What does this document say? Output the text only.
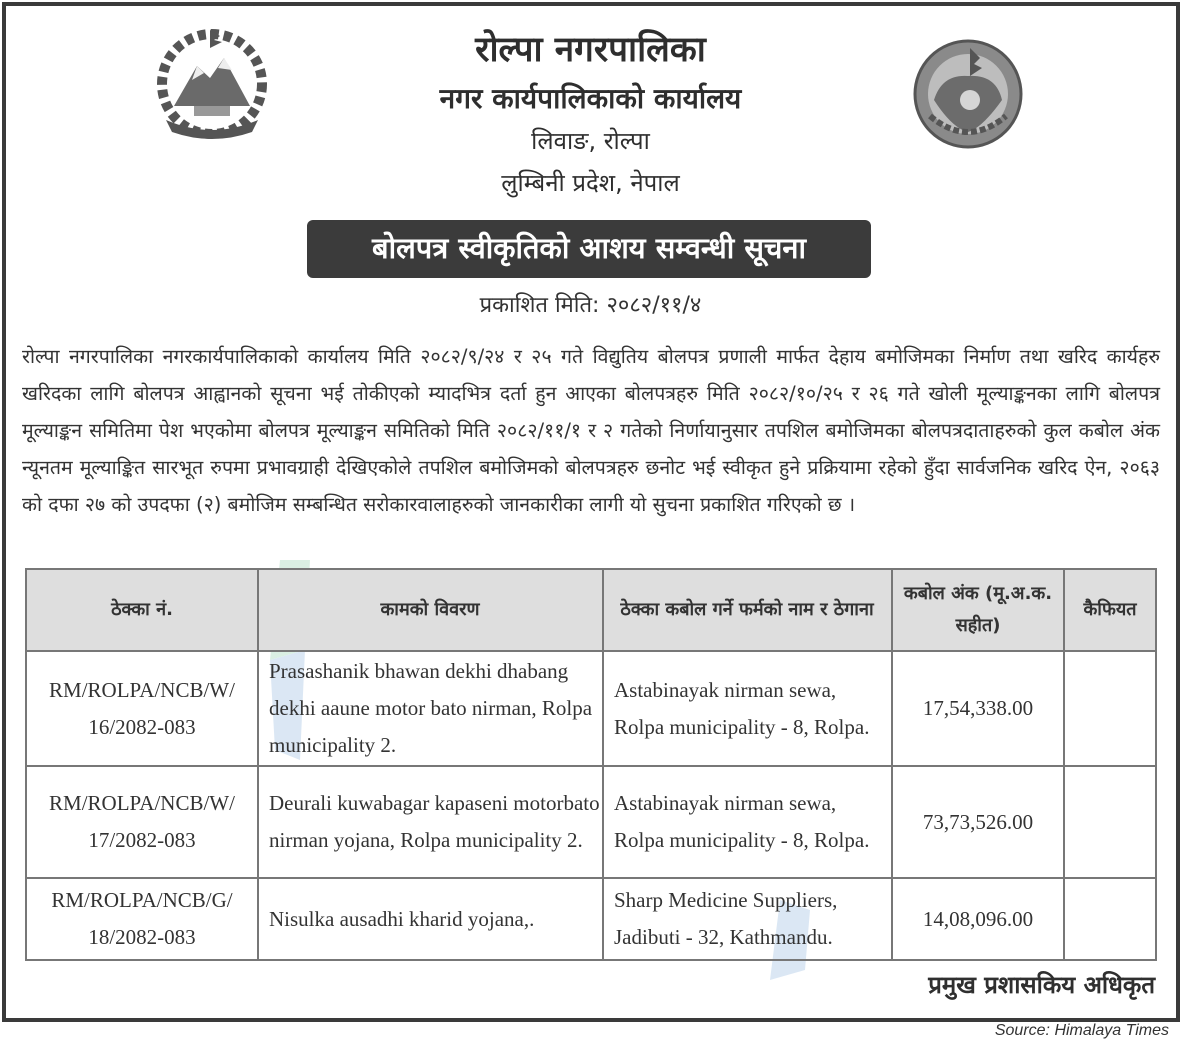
रोल्पा नगरपालिका
नगर कार्यपालिकाको कार्यालय
लिवाङ, रोल्पा
लुम्बिनी प्रदेश, नेपाल
बोलपत्र स्वीकृतिको आशय सम्वन्धी सूचना
प्रकाशित मिति: २०८२/११/४
रोल्पा नगरपालिका नगरकार्यपालिकाको कार्यालय मिति २०८२/९/२४ र २५ गते विद्युतिय बोलपत्र प्रणाली मार्फत देहाय बमोजिमका निर्माण तथा खरिद कार्यहरु खरिदका लागि बोलपत्र आह्वानको सूचना भई तोकीएको म्यादभित्र दर्ता हुन आएका बोलपत्रहरु मिति २०८२/१०/२५ र २६ गते खोली मूल्याङ्कनका लागि बोलपत्र मूल्याङ्कन समितिमा पेश भएकोमा बोलपत्र मूल्याङ्कन समितिको मिति २०८२/११/१ र २ गतेको निर्णायानुसार तपशिल बमोजिमका बोलपत्रदाताहरुको कुल कबोल अंक न्यूनतम मूल्याङ्कित सारभूत रुपमा प्रभावग्राही देखिएकोले तपशिल बमोजिमको बोलपत्रहरु छनोट भई स्वीकृत हुने प्रक्रियामा रहेको हुँदा सार्वजनिक खरिद ऐन, २०६३ को दफा २७ को उपदफा (२) बमोजिम सम्बन्धित सरोकारवालाहरुको जानकारीका लागी यो सुचना प्रकाशित गरिएको छ ।
ठेक्का नं.	कामको विवरण	ठेक्का कबोल गर्ने फर्मको नाम र ठेगाना	कबोल अंक (मू.अ.क. सहीत)	कैफियत
RM/ROLPA/NCB/W/ 16/2082-083	Prasashanik bhawan dekhi dhabang dekhi aaune motor bato nirman, Rolpa municipality 2.	Astabinayak nirman sewa, Rolpa municipality - 8, Rolpa.	17,54,338.00	
RM/ROLPA/NCB/W/ 17/2082-083	Deurali kuwabagar kapaseni motorbato nirman yojana, Rolpa municipality 2.	Astabinayak nirman sewa, Rolpa municipality - 8, Rolpa.	73,73,526.00	
RM/ROLPA/NCB/G/ 18/2082-083	Nisulka ausadhi kharid yojana,.	Sharp Medicine Suppliers, Jadibuti - 32, Kathmandu.	14,08,096.00	
प्रमुख प्रशासकिय अधिकृत
Source: Himalaya Times
